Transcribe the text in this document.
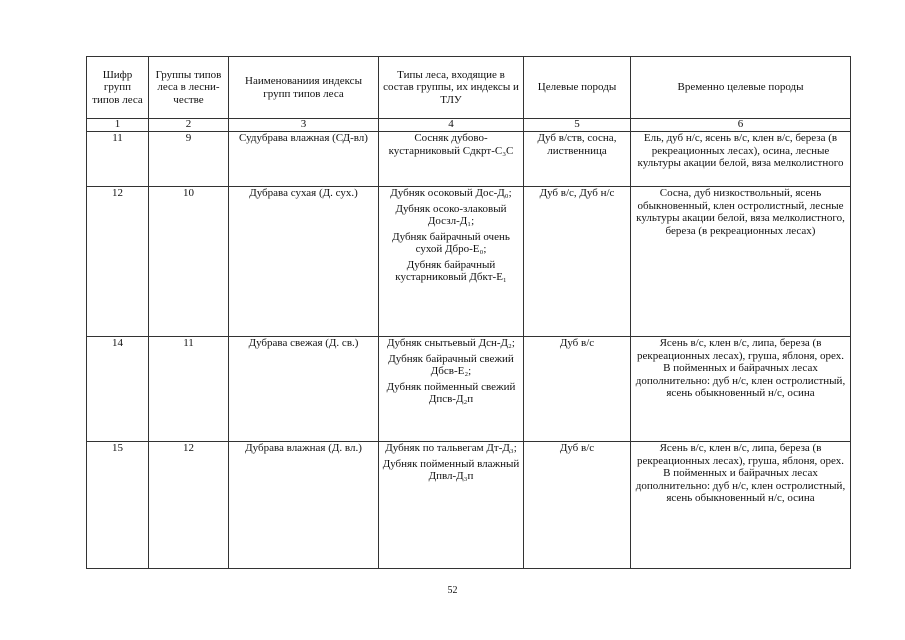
Шифр групп типов леса	Группы типов леса в лесни-честве	Наименованиия индексы групп типов леса	Типы леса, входящие в состав группы, их индексы и ТЛУ	Целевые породы	Временно целевые породы
1	2	3	4	5	6
11	9	Судубрава влажная (СД-вл)	Сосняк дубово-кустарниковый Сдкрт-С₃С	Дуб в/ств, сосна, лиственница	Ель, дуб н/с, ясень в/с, клен в/с, береза (в рекреационных лесах), осина, лесные культуры акации белой, вяза мелколистного
12	10	Дубрава сухая (Д. сух.)	Дубняк осоковый Дос-Д₀;

Дубняк осоко-злаковый Досзл-Д₁;

Дубняк байрачный очень сухой Дбро-Е₀;

Дубняк байрачный кустарниковый Дбкт-Е₁	Дуб в/с, Дуб н/с	Сосна, дуб низкоствольный, ясень обыкновенный, клен остролистный, лесные культуры акации белой, вяза мелколистного, береза (в рекреационных лесах)
14	11	Дубрава свежая (Д. св.)	Дубняк снытьевый Дсн-Д₂;

Дубняк байрачный свежий Дбсв-Е₂;

Дубняк пойменный свежий Дпсв-Д₂п	Дуб в/с	Ясень в/с, клен в/с, липа, береза (в рекреационных лесах), груша, яблоня, орех. В пойменных и байрачных лесах дополнительно: дуб н/с, клен остролистный, ясень обыкновенный н/с, осина
15	12	Дубрава влажная (Д. вл.)	Дубняк по тальвегам Дт-Д₃;

Дубняк пойменный влажный Дпвл-Д₃п	Дуб в/с	Ясень в/с, клен в/с, липа, береза (в рекреационных лесах), груша, яблоня, орех. В пойменных и байрачных лесах дополнительно: дуб н/с, клен остролистный, ясень обыкновенный н/с, осина
52
